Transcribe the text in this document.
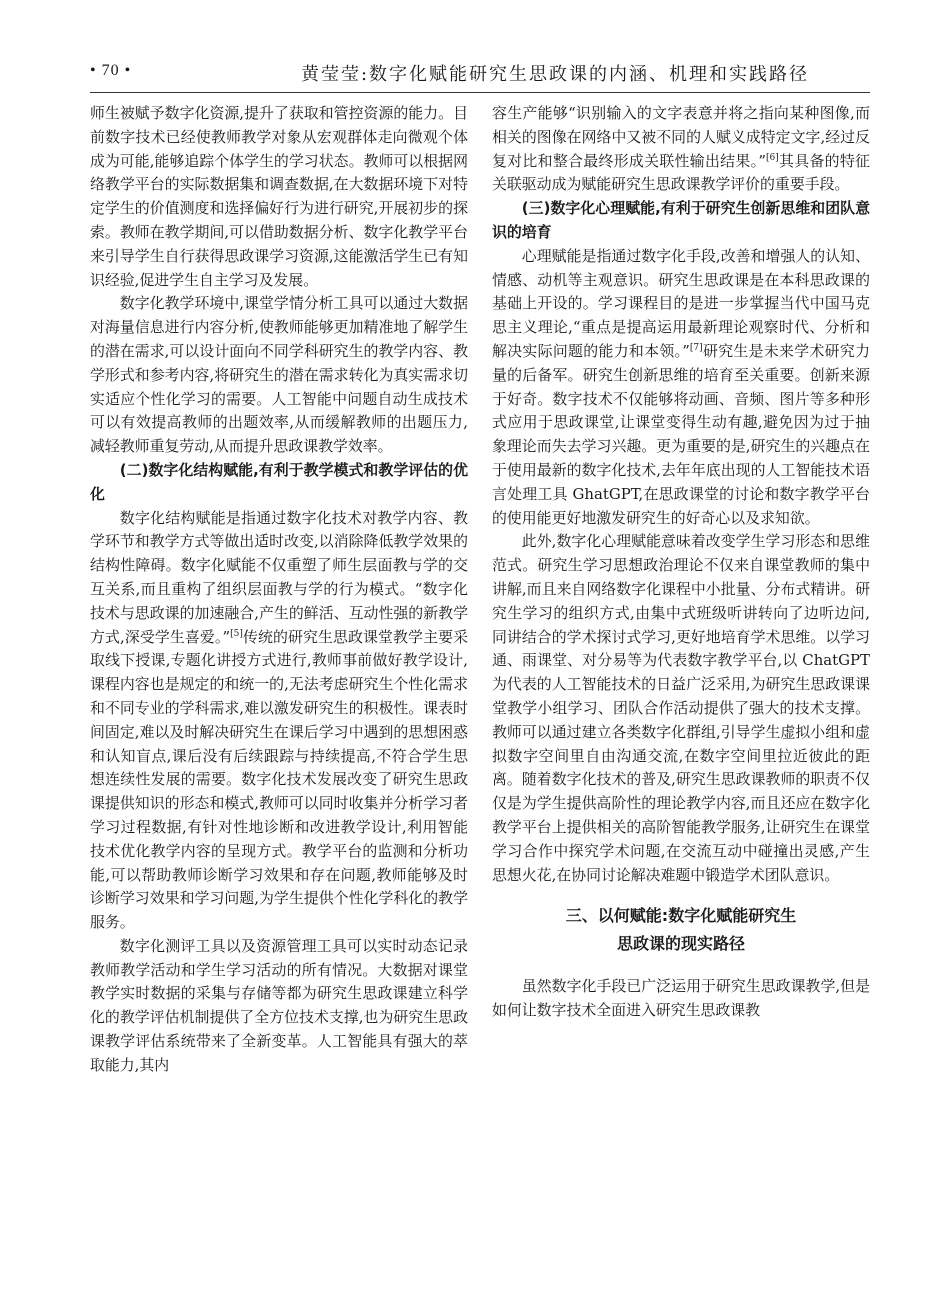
• 70 •	黄莹莹:数字化赋能研究生思政课的内涵、机理和实践路径

师生被赋予数字化资源,提升了获取和管控资源的能力。目前数字技术已经使教师教学对象从宏观群体走向微观个体成为可能,能够追踪个体学生的学习状态。教师可以根据网络教学平台的实际数据集和调查数据,在大数据环境下对特定学生的价值测度和选择偏好行为进行研究,开展初步的探索。教师在教学期间,可以借助数据分析、数字化教学平台来引导学生自行获得思政课学习资源,这能激活学生已有知识经验,促进学生自主学习及发展。

数字化教学环境中,课堂学情分析工具可以通过大数据对海量信息进行内容分析,使教师能够更加精准地了解学生的潜在需求,可以设计面向不同学科研究生的教学内容、教学形式和参考内容,将研究生的潜在需求转化为真实需求切实适应个性化学习的需要。人工智能中问题自动生成技术可以有效提高教师的出题效率,从而缓解教师的出题压力,减轻教师重复劳动,从而提升思政课教学效率。

(二)数字化结构赋能,有利于教学模式和教学评估的优化

数字化结构赋能是指通过数字化技术对教学内容、教学环节和教学方式等做出适时改变,以消除降低教学效果的结构性障碍。数字化赋能不仅重塑了师生层面教与学的交互关系,而且重构了组织层面教与学的行为模式。“数字化技术与思政课的加速融合,产生的鲜活、互动性强的新教学方式,深受学生喜爱。”[5]传统的研究生思政课堂教学主要采取线下授课,专题化讲授方式进行,教师事前做好教学设计,课程内容也是规定的和统一的,无法考虑研究生个性化需求和不同专业的学科需求,难以激发研究生的积极性。课表时间固定,难以及时解决研究生在课后学习中遇到的思想困惑和认知盲点,课后没有后续跟踪与持续提高,不符合学生思想连续性发展的需要。数字化技术发展改变了研究生思政课提供知识的形态和模式,教师可以同时收集并分析学习者学习过程数据,有针对性地诊断和改进教学设计,利用智能技术优化教学内容的呈现方式。教学平台的监测和分析功能,可以帮助教师诊断学习效果和存在问题,教师能够及时诊断学习效果和学习问题,为学生提供个性化学科化的教学服务。

数字化测评工具以及资源管理工具可以实时动态记录教师教学活动和学生学习活动的所有情况。大数据对课堂教学实时数据的采集与存储等都为研究生思政课建立科学化的教学评估机制提供了全方位技术支撑,也为研究生思政课教学评估系统带来了全新变革。人工智能具有强大的萃取能力,其内

容生产能够“识别输入的文字表意并将之指向某种图像,而相关的图像在网络中又被不同的人赋义成特定文字,经过反复对比和整合最终形成关联性输出结果。”[6]其具备的特征关联驱动成为赋能研究生思政课教学评价的重要手段。

(三)数字化心理赋能,有利于研究生创新思维和团队意识的培育

心理赋能是指通过数字化手段,改善和增强人的认知、情感、动机等主观意识。研究生思政课是在本科思政课的基础上开设的。学习课程目的是进一步掌握当代中国马克思主义理论,“重点是提高运用最新理论观察时代、分析和解决实际问题的能力和本领。”[7]研究生是未来学术研究力量的后备军。研究生创新思维的培育至关重要。创新来源于好奇。数字技术不仅能够将动画、音频、图片等多种形式应用于思政课堂,让课堂变得生动有趣,避免因为过于抽象理论而失去学习兴趣。更为重要的是,研究生的兴趣点在于使用最新的数字化技术,去年年底出现的人工智能技术语言处理工具 GhatGPT,在思政课堂的讨论和数字教学平台的使用能更好地激发研究生的好奇心以及求知欲。

此外,数字化心理赋能意味着改变学生学习形态和思维范式。研究生学习思想政治理论不仅来自课堂教师的集中讲解,而且来自网络数字化课程中小批量、分布式精讲。研究生学习的组织方式,由集中式班级听讲转向了边听边问,同讲结合的学术探讨式学习,更好地培育学术思维。以学习通、雨课堂、对分易等为代表数字教学平台,以 ChatGPT 为代表的人工智能技术的日益广泛采用,为研究生思政课课堂教学小组学习、团队合作活动提供了强大的技术支撑。教师可以通过建立各类数字化群组,引导学生虚拟小组和虚拟数字空间里自由沟通交流,在数字空间里拉近彼此的距离。随着数字化技术的普及,研究生思政课教师的职责不仅仅是为学生提供高阶性的理论教学内容,而且还应在数字化教学平台上提供相关的高阶智能教学服务,让研究生在课堂学习合作中探究学术问题,在交流互动中碰撞出灵感,产生思想火花,在协同讨论解决难题中锻造学术团队意识。

三、以何赋能:数字化赋能研究生
思政课的现实路径

虽然数字化手段已广泛运用于研究生思政课教学,但是如何让数字技术全面进入研究生思政课教
